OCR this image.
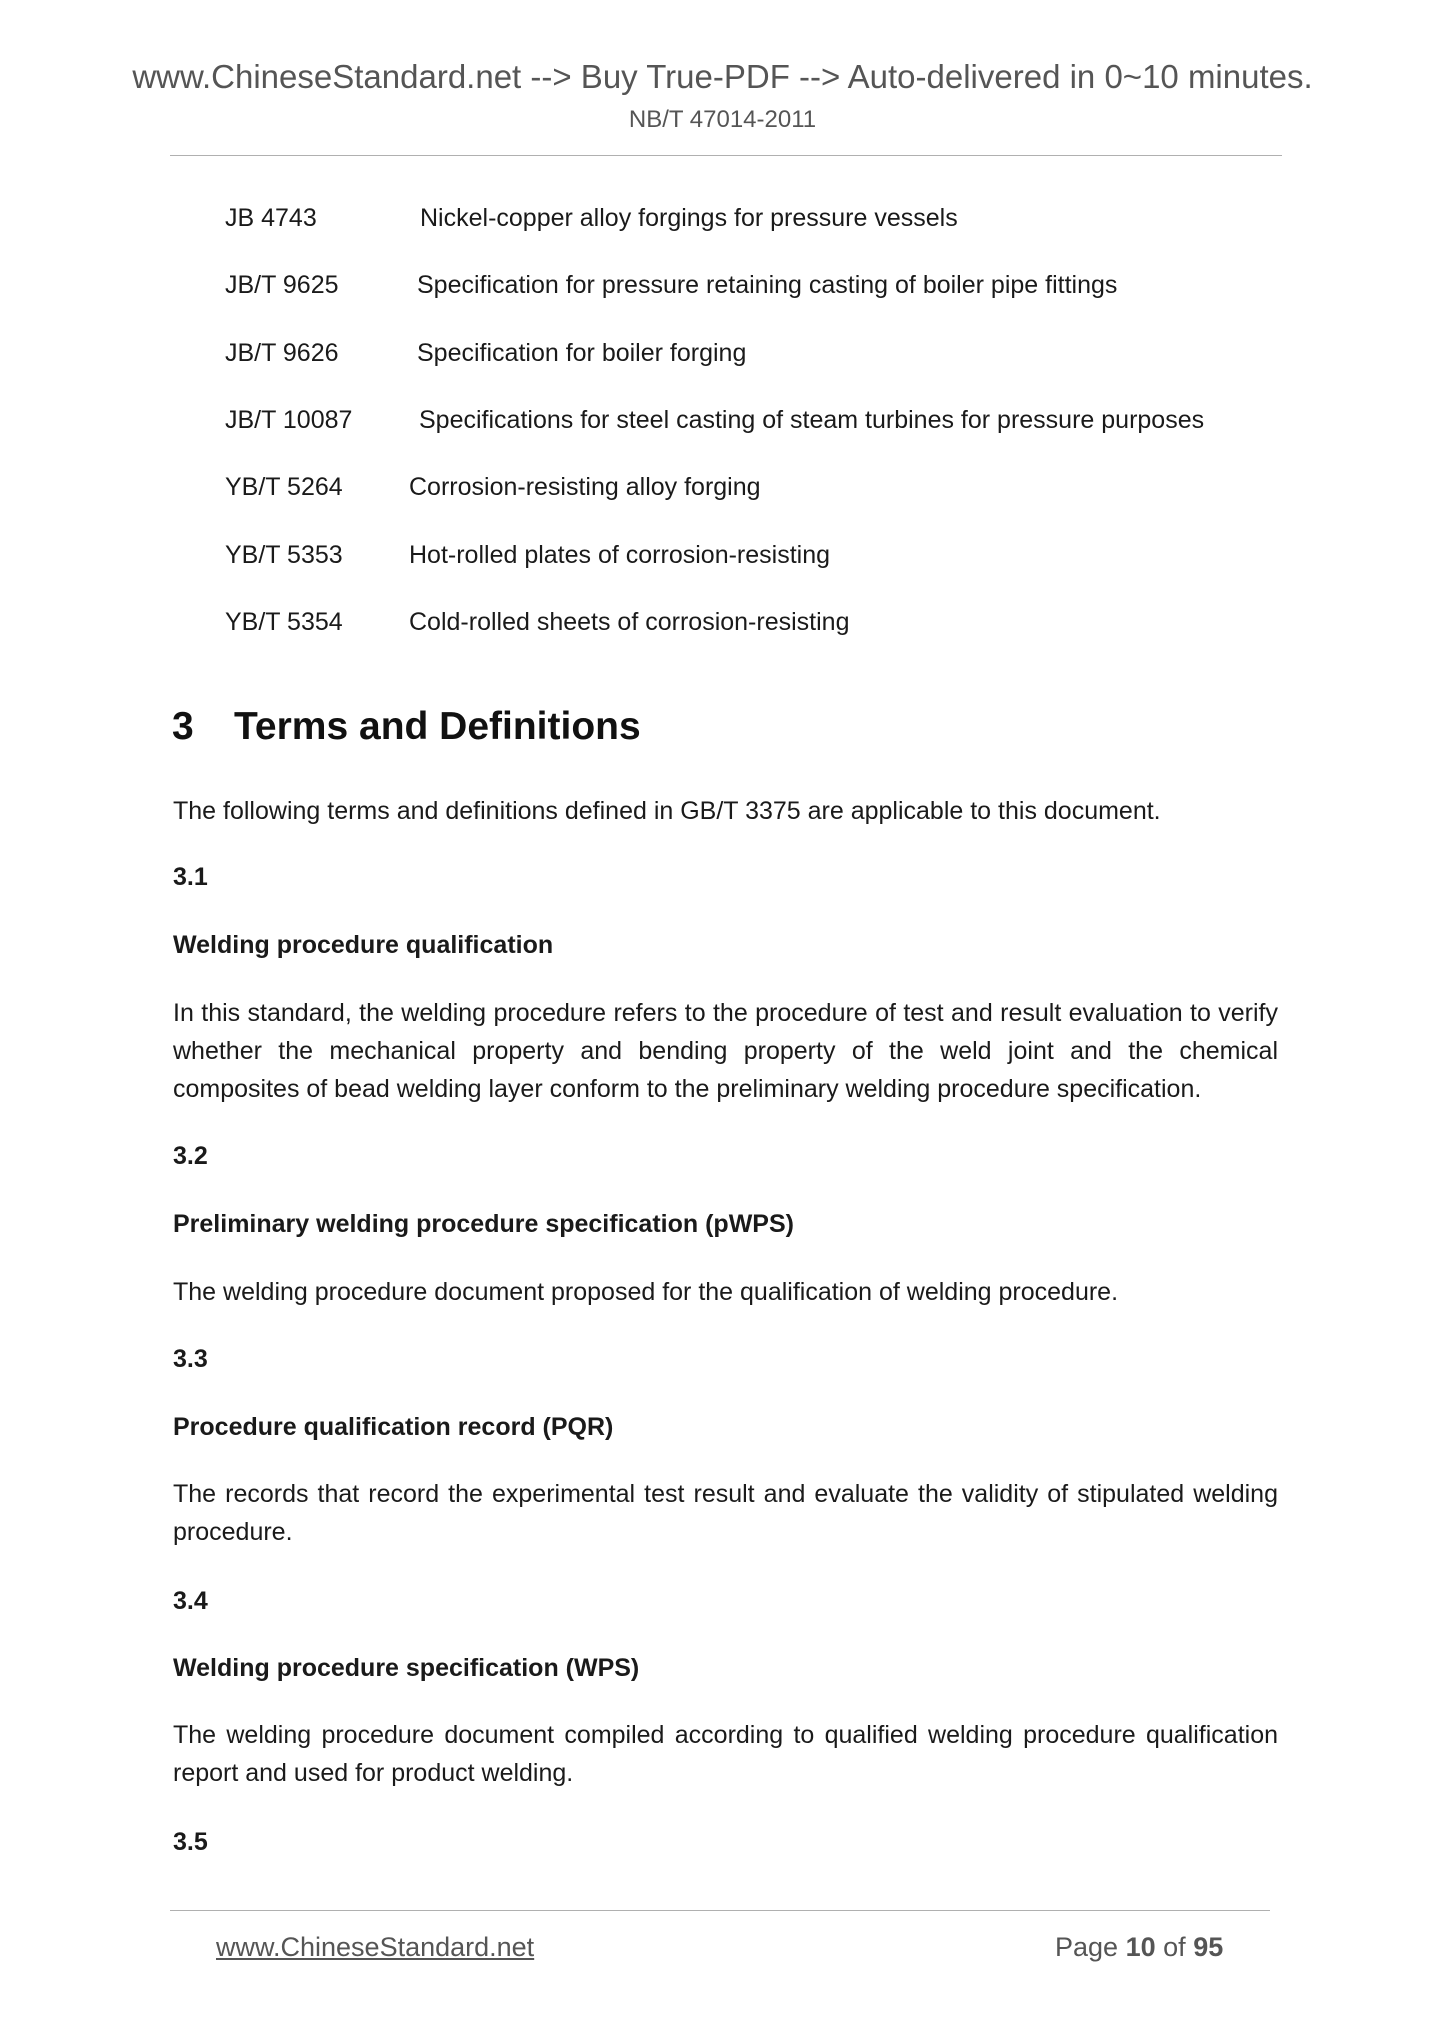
www.ChineseStandard.net --> Buy True-PDF --> Auto-delivered in 0~10 minutes.
NB/T 47014-2011
JB 4743	Nickel-copper alloy forgings for pressure vessels
JB/T 9625	Specification for pressure retaining casting of boiler pipe fittings
JB/T 9626	Specification for boiler forging
JB/T 10087	Specifications for steel casting of steam turbines for pressure purposes
YB/T 5264	Corrosion-resisting alloy forging
YB/T 5353	Hot-rolled plates of corrosion-resisting
YB/T 5354	Cold-rolled sheets of corrosion-resisting
3 Terms and Definitions
The following terms and definitions defined in GB/T 3375 are applicable to this document.
3.1
Welding procedure qualification
In this standard, the welding procedure refers to the procedure of test and result evaluation to verify whether the mechanical property and bending property of the weld joint and the chemical composites of bead welding layer conform to the preliminary welding procedure specification.
3.2
Preliminary welding procedure specification (pWPS)
The welding procedure document proposed for the qualification of welding procedure.
3.3
Procedure qualification record (PQR)
The records that record the experimental test result and evaluate the validity of stipulated welding procedure.
3.4
Welding procedure specification (WPS)
The welding procedure document compiled according to qualified welding procedure qualification report and used for product welding.
3.5
www.ChineseStandard.net	Page 10 of 95
